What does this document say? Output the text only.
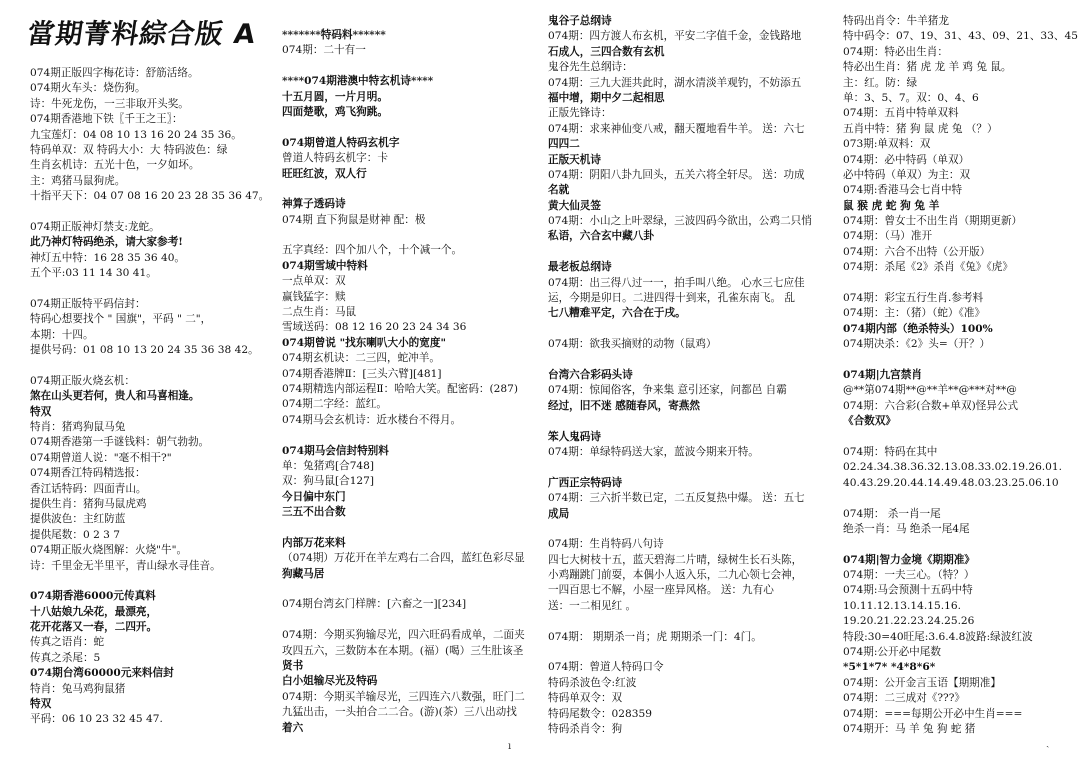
當期菁料綜合版 A
074期正版四字梅花诗：舒筋活络。
074期火车头：烧伤狗。
诗：牛死龙伤，一三非取开头奖。
074期香港地下铁〖千王之王〗：
九宝莲灯：04 08 10 13 16 20 24 35 36。
特码单双：双 特码大小：大 特码波色：绿
生肖玄机诗：五光十色，一夕如坏。
主：鸡猪马鼠狗虎。
十指平天下：04 07 08 16 20 23 28 35 36 47。
074期正版神灯禁支:龙蛇。
此乃神灯特码绝杀，请大家参考!
神灯五中特：16 28 35 36 40。
五个平:03 11 14 30 41。
074期正版特平码信封：
特码心想要找个 " 国旗"，平码 " 二"，
本期：十四。
提供号码：01 08 10 13 20 24 35 36 38 42。
074期正版火烧玄机：
煞在山头更若何，贵人和马喜相逢。
特双
特肖：猪鸡狗鼠马兔
074期香港第一手谜钱料：朝气勃勃。
074期曾道人说："毫不相干?"
074期香江特码精选报：
香江话特码：四面青山。
提供生肖：猪狗马鼠虎鸡
提供波色：主红防蓝
提供尾数：0 2 3 7
074期正版火烧图解：火烧"牛"。
诗：千里金无半里平，青山绿水寻佳音。
074期香港6000元传真料
十八姑娘九朵花，最漂亮，
花开花落又一春，二四开。
传真之语肖：蛇
传真之杀尾：5
074期台湾60000元来料信封
特肖：兔马鸡狗鼠猪
特双
平码：06 10 23 32 45 47.
*******特码料******
074期：二十有一
****074期港澳中特玄机诗****
十五月圆，一片月明。
四面楚歌，鸡飞狗跳。
074期曾道人特码玄机字
曾道人特码玄机字：卡
旺旺红波，双人行
神算子透码诗
074期 直下狗鼠是财神 配：极
五字真经：四个加八个，十个减一个。
074期雪域中特料
一点单双：双
赢钱猛字：赎
二点生肖：马鼠
雪域送码：08 12 16 20 23 24 34 36
074期曾说 "找东喇叭大小的宽度"
074期玄机诀：二三四，蛇冲羊。
074期香港牌Ⅱ：[三头六臂][481]
074期精选内部运程Ⅱ：哈哈大笑。配密码：(287)
074期二字经：蓝红。
074期马会玄机诗：近水楼台不得月。
074期马会信封特别料
单：兔猪鸡[合748]
双：狗马鼠[合127]
今日偏中东门
三五不出合数
内部万花来料
（074期）万花开在羊左鸡右二合四，蓝红色彩尽显
狗藏马居
074期台湾玄门样牌：[六畜之一][234]
074期：今期买狗输尽光，四六旺码看成单，二面夹
攻四五六，三数防本在本期。(福）(喝）三生肚该圣
贤书
白小姐输尽光及特码
074期：今期买羊输尽光，三四连六八数强，旺门二
九猛出击，一头拍合二二合。(游)(茶）三八出动找
着六
鬼谷子总纲诗
074期：四方渡人布玄机，平安二字值千金，金钱路地
石成人，三四合数有玄机
鬼谷先生总纲诗：
074期：三九大涯共此时，湖水清淡羊观钓，不妨添五
福中增，期中夕二起相思
正版先锋诗：
074期：求来神仙变八戒，翻天覆地看牛羊。 送：六七
四四二
正版天机诗
074期：阴阳八卦九回头，五关六将全轩尽。 送：功成
名就
黄大仙灵签
074期：小山之上叶翠绿，三波四码今欲出，公鸡二只悄
私语，六合玄中藏八卦
最老板总纲诗
074期：出三得八过一一，拍手叫八绝。 心水三七应佳
运，今期是卯日。二进四得十到来，孔雀东南飞。 乱
七八糟难平定，六合在于戌。
074期：欲我买摘财的动物（鼠鸡）
台湾六合彩码头诗
074期：惊闻俗客，争来集 意引还家，问都邑 自霸
经过，旧不迷 感随春风，寄燕然
笨人鬼码诗
074期：单绿特码送大家，蓝波今期来开特。
广西正宗特码诗
074期：三六折半数已定，二五反复热中爆。 送：五七
成局
074期：生肖特码八句诗
四七大树枝十五，蓝天碧海二片晴，绿树生长石头陈，
小鸡蹦跳门前耍，本偶小人返入乐，二九心领七会神，
一四百思七不解，小屋一座异风格。 送：九有心
送：一二相见红 。
074期： 期期杀一肖；虎 期期杀一门：4门。
074期：曾道人特码口令
特码杀波色令:红波
特码单双令：双
特码尾数令：028359
特码杀肖令：狗
特码出肖令：牛羊猪龙
特中码令：07、19、31、43、09、21、33、45
074期：特必出生肖：
特必出生肖：猪 虎 龙 羊 鸡 兔 鼠。
主：红。防：绿
单：3、5、7。双：0、4、6
074期：五肖中特单双料
五肖中特：猪 狗 鼠 虎 兔 （？）
073期:单双料：双
074期：必中特码（单双）
必中特码（单双）为主：双
074期:香港马会七肖中特
鼠 猴 虎 蛇 狗 兔 羊
074期：曾女士不出生肖（期期更新）
074期：（马）准开
074期：六合不出特（公开版）
074期：杀尾《2》杀肖《兔》《虎》
074期：彩宝五行生肖.参考料
074期：主：（猪）（蛇）《准》
074期内部（绝杀特头）100%
074期决杀：《2》头=（开？）
074期|九宫禁肖
@**第074期**@**羊**@***对**@
074期：六合彩(合数+单双)怪异公式
《合数双》
074期：特码在其中
02.24.34.38.36.32.13.08.33.02.19.26.01.
40.43.29.20.44.14.49.48.03.23.25.06.10
074期： 杀一肖一尾
绝杀一肖：马 绝杀一尾4尾
074期|智力金境《期期准》
074期：一夫三心。（特？）
074期:马会预测十五码中特
10.11.12.13.14.15.16.
19.20.21.22.23.24.25.26
特段:30=40旺尾:3.6.4.8波路:绿波红波
074期:公开必中尾数
*5*1*7* *4*8*6*
074期：公开金言玉语【期期准】
074期：二三成对《???》
074期：===每期公开必中生肖===
074期开：马 羊 兔 狗 蛇 猪
ı	ˎ
